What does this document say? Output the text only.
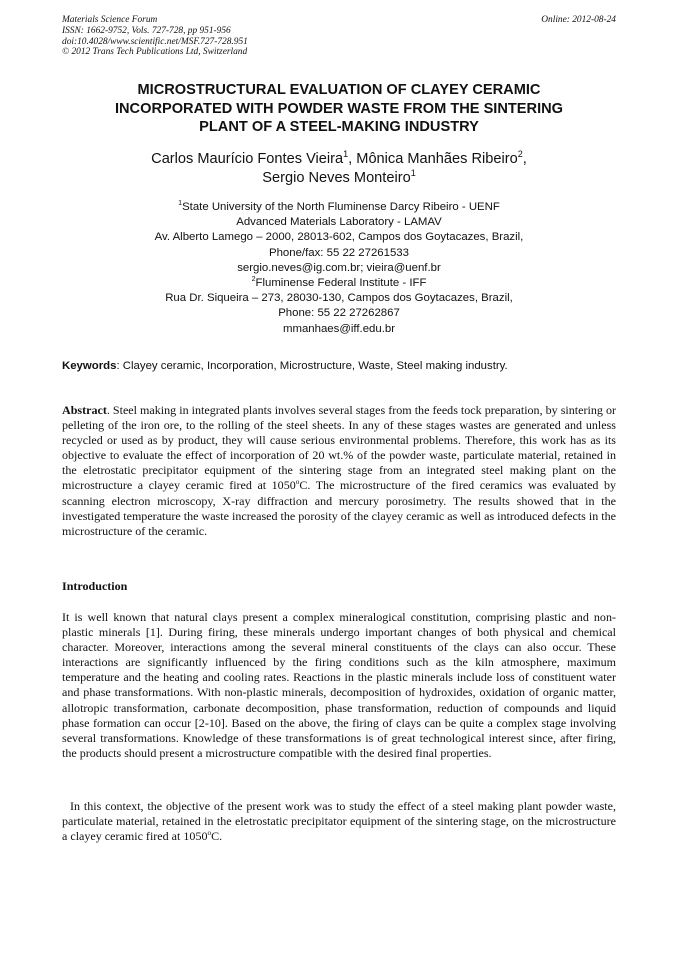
Materials Science Forum
ISSN: 1662-9752, Vols. 727-728, pp 951-956
doi:10.4028/www.scientific.net/MSF.727-728.951
© 2012 Trans Tech Publications Ltd, Switzerland
Online: 2012-08-24
MICROSTRUCTURAL EVALUATION OF CLAYEY CERAMIC
INCORPORATED WITH POWDER WASTE FROM THE SINTERING
PLANT OF A STEEL-MAKING INDUSTRY
Carlos Maurício Fontes Vieira$^1$, Mônica Manhães Ribeiro$^2$,
Sergio Neves Monteiro$^1$
$^1$State University of the North Fluminense Darcy Ribeiro - UENF
Advanced Materials Laboratory - LAMAV
Av. Alberto Lamego – 2000, 28013-602, Campos dos Goytacazes, Brazil,
Phone/fax: 55 22 27261533
sergio.neves@ig.com.br; vieira@uenf.br
$^2$Fluminense Federal Institute - IFF
Rua Dr. Siqueira – 273, 28030-130, Campos dos Goytacazes, Brazil,
Phone: 55 22 27262867
mmanhaes@iff.edu.br
Keywords: Clayey ceramic, Incorporation, Microstructure, Waste, Steel making industry.
Abstract. Steel making in integrated plants involves several stages from the feeds tock preparation, by sintering or pelleting of the iron ore, to the rolling of the steel sheets. In any of these stages wastes are generated and unless recycled or used as by product, they will cause serious environmental problems. Therefore, this work has as its objective to evaluate the effect of incorporation of 20 wt.% of the powder waste, particulate material, retained in the eletrostatic precipitator equipment of the sintering stage from an integrated steel making plant on the microstructure a clayey ceramic fired at 1050$^o$C. The microstructure of the fired ceramics was evaluated by scanning electron microscopy, X-ray diffraction and mercury porosimetry. The results showed that in the investigated temperature the waste increased the porosity of the clayey ceramic as well as introduced defects in the microstructure of the ceramic.
Introduction
It is well known that natural clays present a complex mineralogical constitution, comprising plastic and non-plastic minerals [1]. During firing, these minerals undergo important changes of both physical and chemical character. Moreover, interactions among the several mineral constituents of the clays can also occur. These interactions are significantly influenced by the firing conditions such as the kiln atmosphere, maximum temperature and the heating and cooling rates. Reactions in the plastic minerals include loss of constituent water and phase transformations. With non-plastic minerals, decomposition of hydroxides, oxidation of organic matter, allotropic transformation, carbonate decomposition, phase transformation, reduction of compounds and liquid phase formation can occur [2-10]. Based on the above, the firing of clays can be quite a complex stage involving several transformations. Knowledge of these transformations is of great technological interest since, after firing, the products should present a microstructure compatible with the desired final properties.
In this context, the objective of the present work was to study the effect of a steel making plant powder waste, particulate material, retained in the eletrostatic precipitator equipment of the sintering stage, on the microstructure a clayey ceramic fired at 1050$^o$C.
